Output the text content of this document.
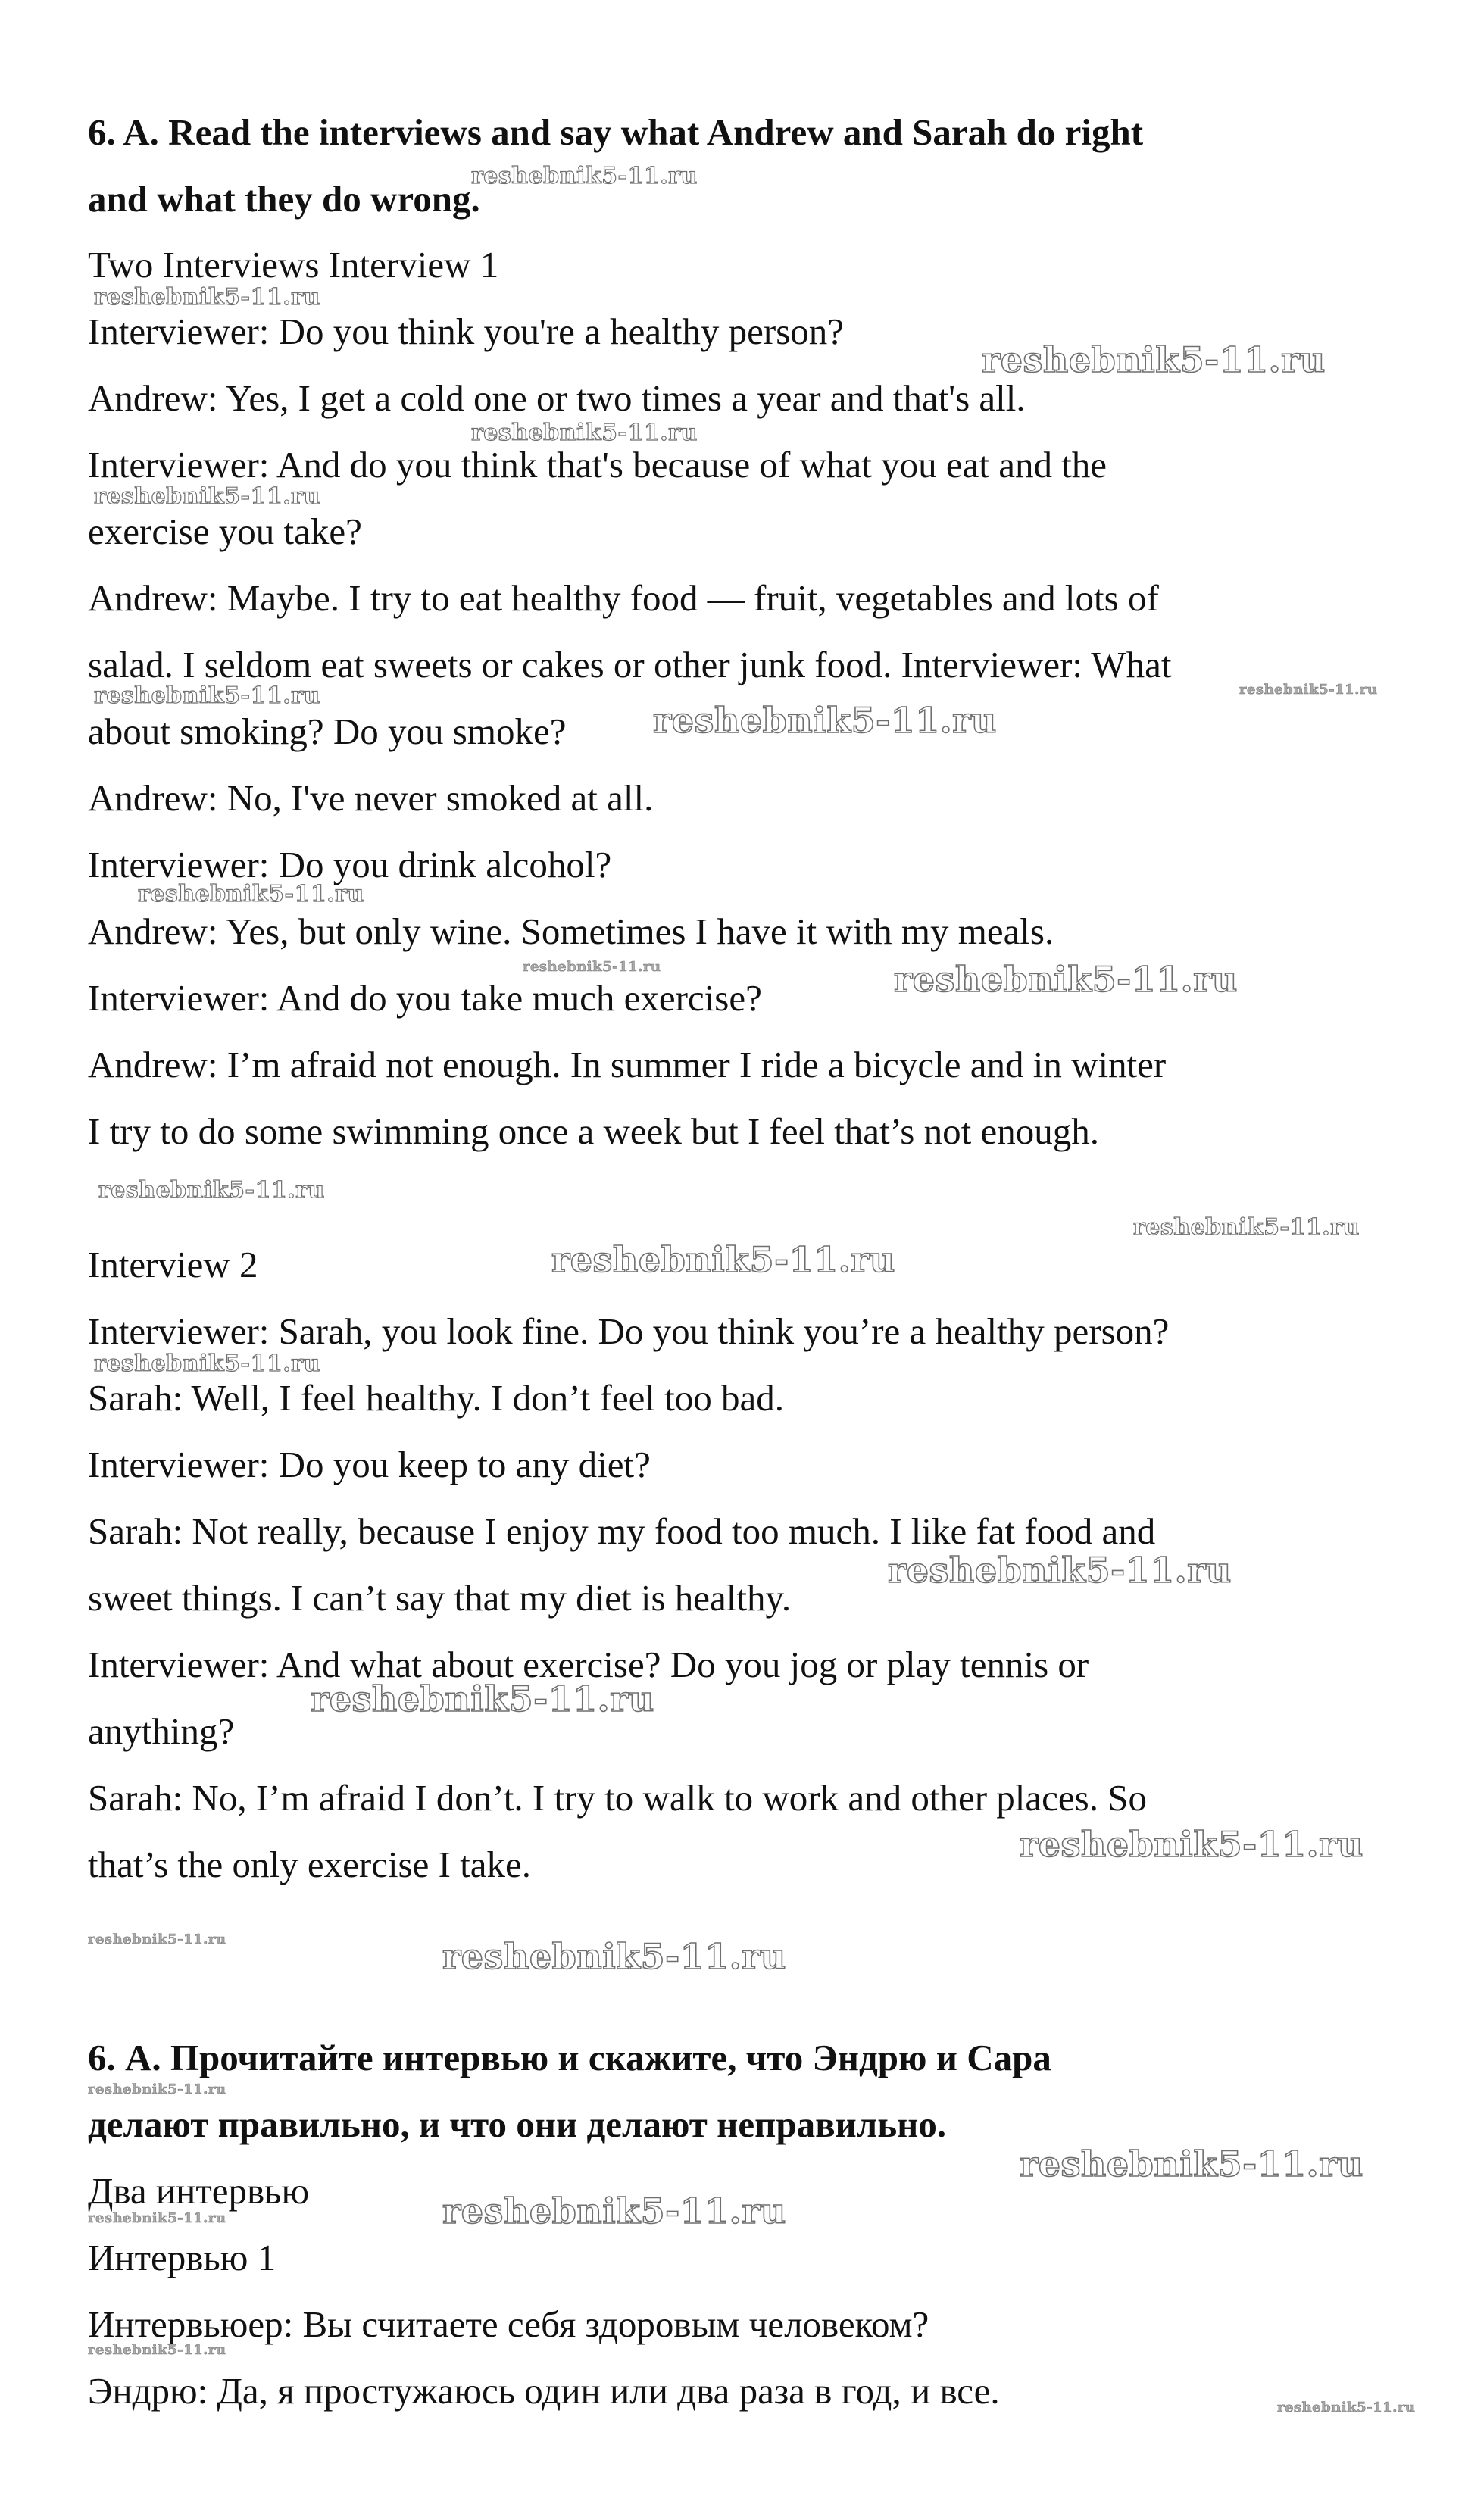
6. A. Read the interviews and say what Andrew and Sarah do right
and what they do wrong.
Two Interviews Interview 1
Interviewer: Do you think you're a healthy person?
Andrew: Yes, I get a cold one or two times a year and that's all.
Interviewer: And do you think that's because of what you eat and the
exercise you take?
Andrew: Maybe. I try to eat healthy food — fruit, vegetables and lots of
salad. I seldom eat sweets or cakes or other junk food. Interviewer: What
about smoking? Do you smoke?
Andrew: No, I've never smoked at all.
Interviewer: Do you drink alcohol?
Andrew: Yes, but only wine. Sometimes I have it with my meals.
Interviewer: And do you take much exercise?
Andrew: I’m afraid not enough. In summer I ride a bicycle and in winter
I try to do some swimming once a week but I feel that’s not enough.
Interview 2
Interviewer: Sarah, you look fine. Do you think you’re a healthy person?
Sarah: Well, I feel healthy. I don’t feel too bad.
Interviewer: Do you keep to any diet?
Sarah: Not really, because I enjoy my food too much. I like fat food and
sweet things. I can’t say that my diet is healthy.
Interviewer: And what about exercise? Do you jog or play tennis or
anything?
Sarah: No, I’m afraid I don’t. I try to walk to work and other places. So
that’s the only exercise I take.
6. А. Прочитайте интервью и скажите, что Эндрю и Сара
делают правильно, и что они делают неправильно.
Два интервью
Интервью 1
Интервьюер: Вы считаете себя здоровым человеком?
Эндрю: Да, я простужаюсь один или два раза в год, и все.
reshebnik5-11.ru
reshebnik5-11.ru
reshebnik5-11.ru
reshebnik5-11.ru
reshebnik5-11.ru
reshebnik5-11.ru	reshebnik5-11.ru
reshebnik5-11.ru
reshebnik5-11.ru
reshebnik5-11.ru	reshebnik5-11.ru
reshebnik5-11.ru
reshebnik5-11.ru
reshebnik5-11.ru
reshebnik5-11.ru
reshebnik5-11.ru
reshebnik5-11.ru
reshebnik5-11.ru
reshebnik5-11.ru	reshebnik5-11.ru
reshebnik5-11.ru
reshebnik5-11.ru
reshebnik5-11.ru
reshebnik5-11.ru
reshebnik5-11.ru
reshebnik5-11.ru
